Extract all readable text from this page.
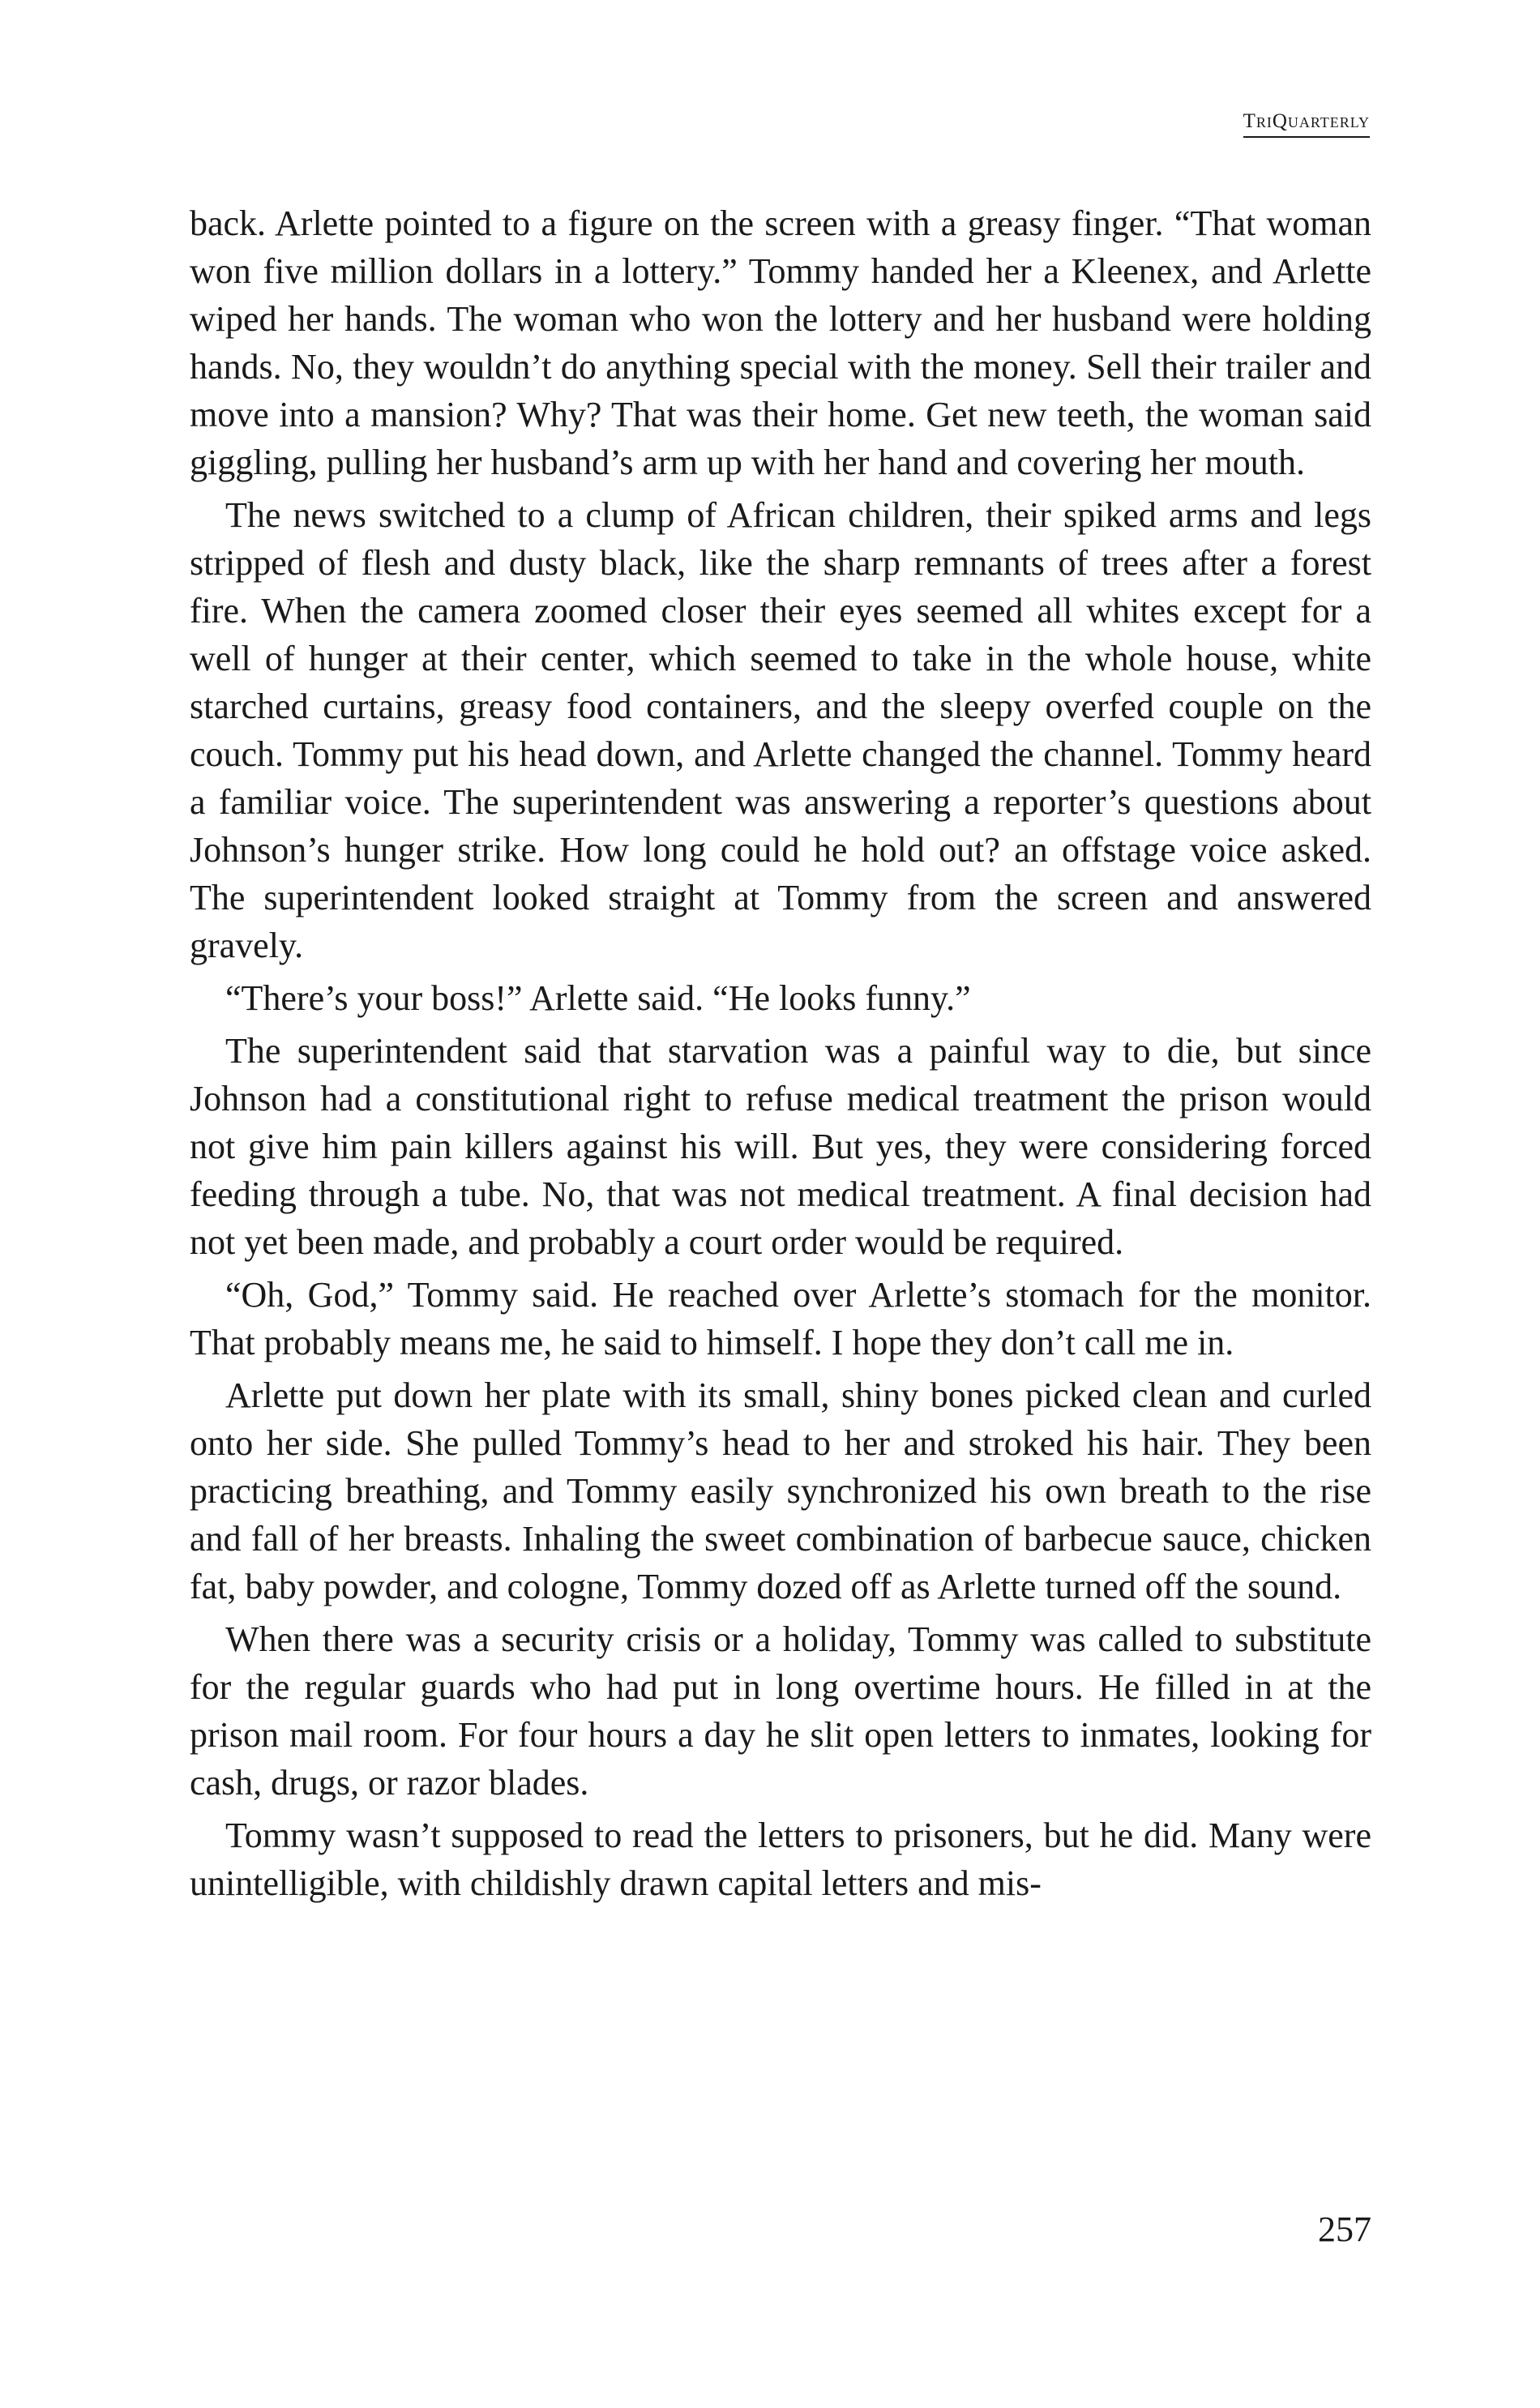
TriQuarterly

back. Arlette pointed to a figure on the screen with a greasy finger. “That woman won five million dollars in a lottery.” Tommy handed her a Kleenex, and Arlette wiped her hands. The woman who won the lottery and her husband were holding hands. No, they wouldn’t do anything special with the money. Sell their trailer and move into a mansion? Why? That was their home. Get new teeth, the woman said giggling, pulling her husband’s arm up with her hand and covering her mouth.

The news switched to a clump of African children, their spiked arms and legs stripped of flesh and dusty black, like the sharp remnants of trees after a forest fire. When the camera zoomed closer their eyes seemed all whites except for a well of hunger at their center, which seemed to take in the whole house, white starched curtains, greasy food containers, and the sleepy overfed couple on the couch. Tommy put his head down, and Arlette changed the channel. Tommy heard a familiar voice. The superintendent was answering a reporter’s questions about Johnson’s hunger strike. How long could he hold out? an offstage voice asked. The superintendent looked straight at Tommy from the screen and answered gravely.

“There’s your boss!” Arlette said. “He looks funny.”

The superintendent said that starvation was a painful way to die, but since Johnson had a constitutional right to refuse medical treatment the prison would not give him pain killers against his will. But yes, they were considering forced feeding through a tube. No, that was not medical treatment. A final decision had not yet been made, and probably a court order would be required.

“Oh, God,” Tommy said. He reached over Arlette’s stomach for the monitor. That probably means me, he said to himself. I hope they don’t call me in.

Arlette put down her plate with its small, shiny bones picked clean and curled onto her side. She pulled Tommy’s head to her and stroked his hair. They been practicing breathing, and Tommy easily synchronized his own breath to the rise and fall of her breasts. Inhaling the sweet combination of barbecue sauce, chicken fat, baby powder, and cologne, Tommy dozed off as Arlette turned off the sound.

When there was a security crisis or a holiday, Tommy was called to substitute for the regular guards who had put in long overtime hours. He filled in at the prison mail room. For four hours a day he slit open letters to inmates, looking for cash, drugs, or razor blades.

Tommy wasn’t supposed to read the letters to prisoners, but he did. Many were unintelligible, with childishly drawn capital letters and mis-

257
